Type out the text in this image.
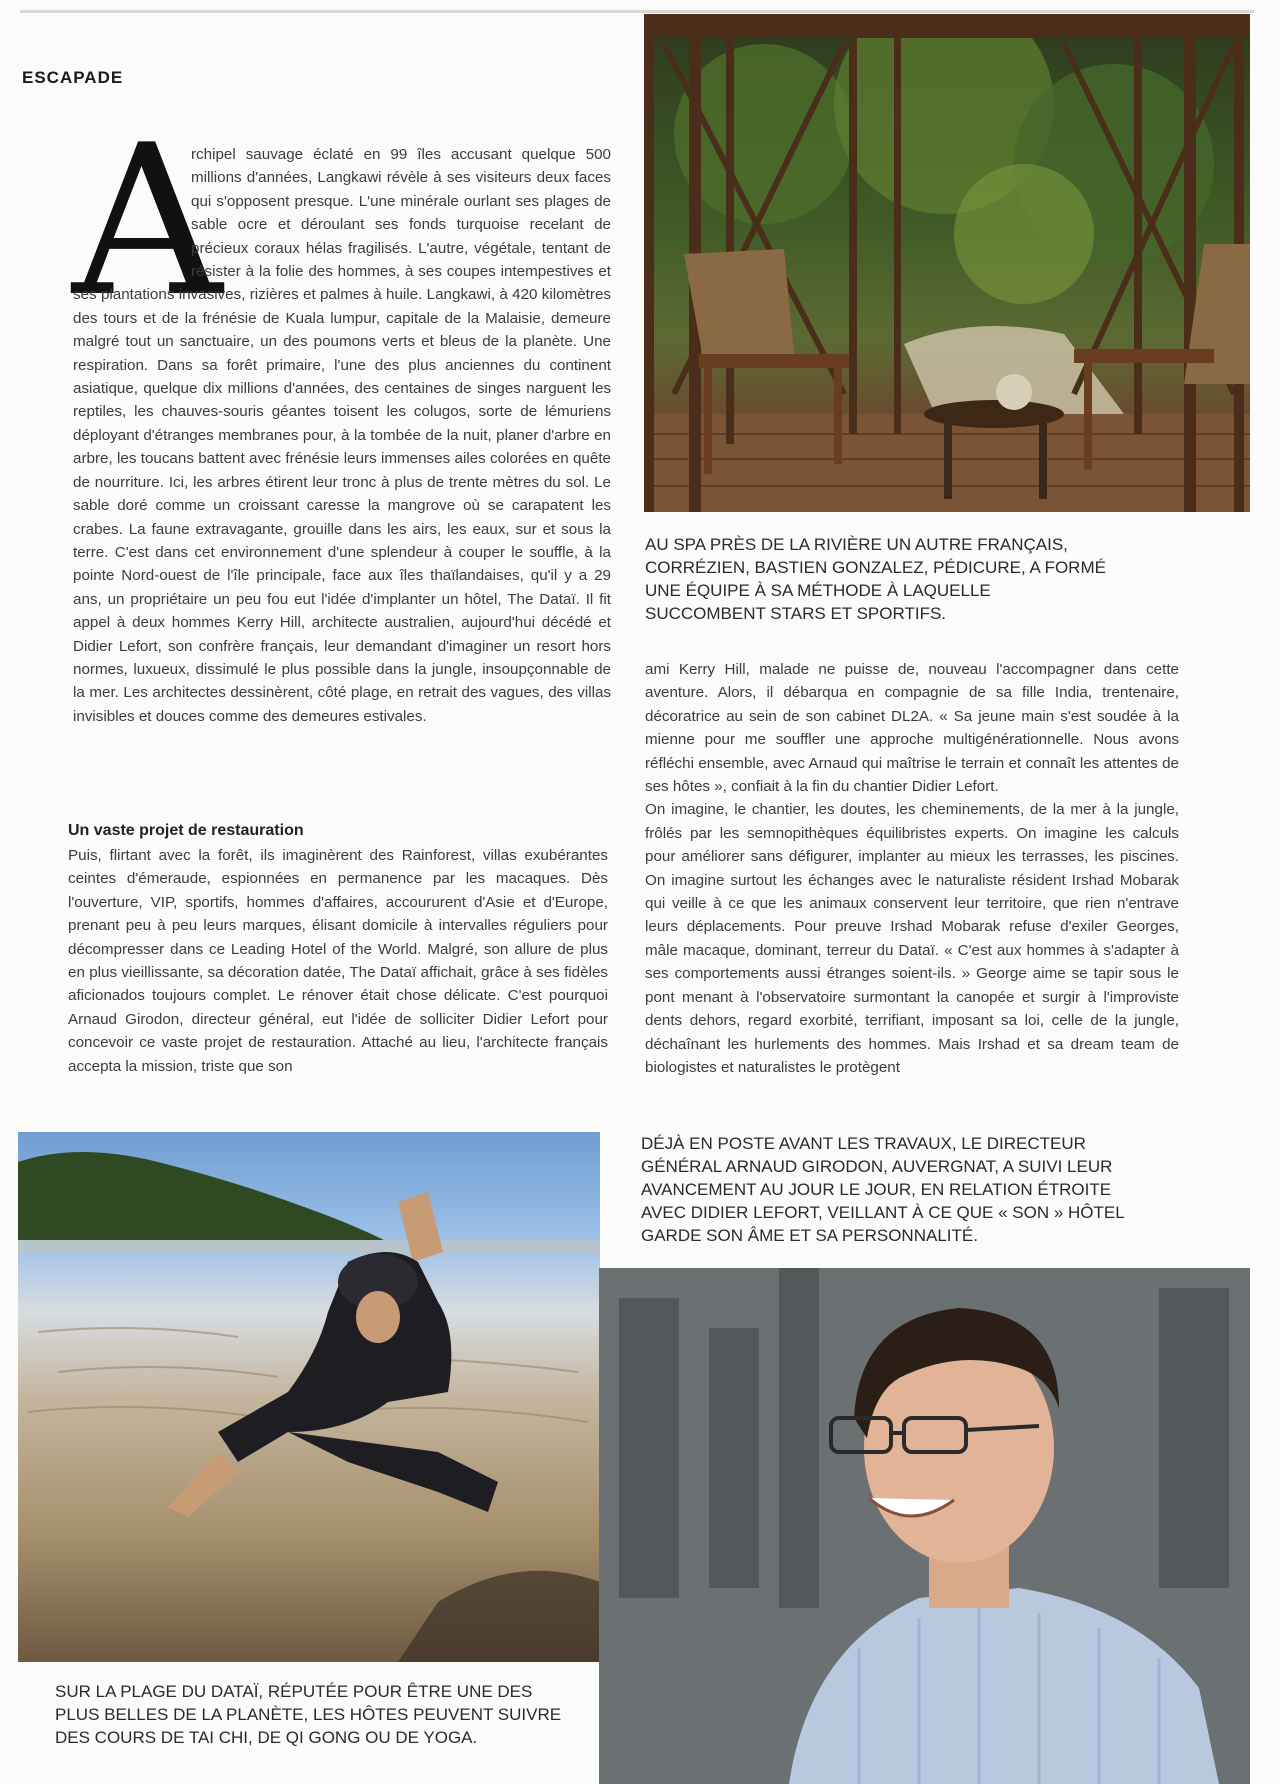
ESCAPADE

AU SPA PRÈS DE LA RIVIÈRE UN AUTRE FRANÇAIS, CORRÉZIEN, BASTIEN GONZALEZ, PÉDICURE, A FORMÉ UNE ÉQUIPE À SA MÉTHODE À LAQUELLE SUCCOMBENT STARS ET SPORTIFS.

A

rchipel sauvage éclaté en 99 îles accusant quelque 500 millions d'années, Langkawi révèle à ses visiteurs deux faces qui s'opposent presque. L'une minérale ourlant ses plages de sable ocre et déroulant ses fonds turquoise recelant de précieux coraux hélas fragilisés. L'autre, végétale, tentant de résister à la folie des hommes, à ses coupes intempestives et ses plantations invasives, rizières et palmes à huile. Langkawi, à 420 kilomètres des tours et de la frénésie de Kuala lumpur, capitale de la Malaisie, demeure malgré tout un sanctuaire, un des poumons verts et bleus de la planète. Une respiration. Dans sa forêt primaire, l'une des plus anciennes du continent asiatique, quelque dix millions d'années, des centaines de singes narguent les reptiles, les chauves-souris géantes toisent les colugos, sorte de lémuriens déployant d'étranges membranes pour, à la tombée de la nuit, planer d'arbre en arbre, les toucans battent avec frénésie leurs immenses ailes colorées en quête de nourriture. Ici, les arbres étirent leur tronc à plus de trente mètres du sol. Le sable doré comme un croissant caresse la mangrove où se carapatent les crabes. La faune extravagante, grouille dans les airs, les eaux, sur et sous la terre. C'est dans cet environnement d'une splendeur à couper le souffle, à la pointe Nord-ouest de l'île principale, face aux îles thaïlandaises, qu'il y a 29 ans, un propriétaire un peu fou eut l'idée d'implanter un hôtel, The Dataï. Il fit appel à deux hommes Kerry Hill, architecte australien, aujourd'hui décédé et Didier Lefort, son confrère français, leur demandant d'imaginer un resort hors normes, luxueux, dissimulé le plus possible dans la jungle, insoupçonnable de la mer. Les architectes dessinèrent, côté plage, en retrait des vagues, des villas invisibles et douces comme des demeures estivales.

Un vaste projet de restauration

Puis, flirtant avec la forêt, ils imaginèrent des Rainforest, villas exubérantes ceintes d'émeraude, espionnées en permanence par les macaques. Dès l'ouverture, VIP, sportifs, hommes d'affaires, accoururent d'Asie et d'Europe, prenant peu à peu leurs marques, élisant domicile à intervalles réguliers pour décompresser dans ce Leading Hotel of the World. Malgré, son allure de plus en plus vieillissante, sa décoration datée, The Dataï affichait, grâce à ses fidèles aficionados toujours complet. Le rénover était chose délicate. C'est pourquoi Arnaud Girodon, directeur général, eut l'idée de solliciter Didier Lefort pour concevoir ce vaste projet de restauration. Attaché au lieu, l'architecte français accepta la mission, triste que son

ami Kerry Hill, malade ne puisse de, nouveau l'accompagner dans cette aventure. Alors, il débarqua en compagnie de sa fille India, trentenaire, décoratrice au sein de son cabinet DL2A. « Sa jeune main s'est soudée à la mienne pour me souffler une approche multigénérationnelle. Nous avons réfléchi ensemble, avec Arnaud qui maîtrise le terrain et connaît les attentes de ses hôtes », confiait à la fin du chantier Didier Lefort.

On imagine, le chantier, les doutes, les cheminements, de la mer à la jungle, frôlés par les semnopithèques équilibristes experts. On imagine les calculs pour améliorer sans défigurer, implanter au mieux les terrasses, les piscines. On imagine surtout les échanges avec le naturaliste résident Irshad Mobarak qui veille à ce que les animaux conservent leur territoire, que rien n'entrave leurs déplacements. Pour preuve Irshad Mobarak refuse d'exiler Georges, mâle macaque, dominant, terreur du Dataï. « C'est aux hommes à s'adapter à ses comportements aussi étranges soient-ils. » George aime se tapir sous le pont menant à l'observatoire surmontant la canopée et surgir à l'improviste dents dehors, regard exorbité, terrifiant, imposant sa loi, celle de la jungle, déchaînant les hurlements des hommes. Mais Irshad et sa dream team de biologistes et naturalistes le protègent

DÉJÀ EN POSTE AVANT LES TRAVAUX, LE DIRECTEUR GÉNÉRAL ARNAUD GIRODON, AUVERGNAT, A SUIVI LEUR AVANCEMENT AU JOUR LE JOUR, EN RELATION ÉTROITE AVEC DIDIER LEFORT, VEILLANT À CE QUE « SON » HÔTEL GARDE SON ÂME ET SA PERSONNALITÉ.

SUR LA PLAGE DU DATAÏ, RÉPUTÉE POUR ÊTRE UNE DES PLUS BELLES DE LA PLANÈTE, LES HÔTES PEUVENT SUIVRE DES COURS DE TAI CHI, DE QI GONG OU DE YOGA.
